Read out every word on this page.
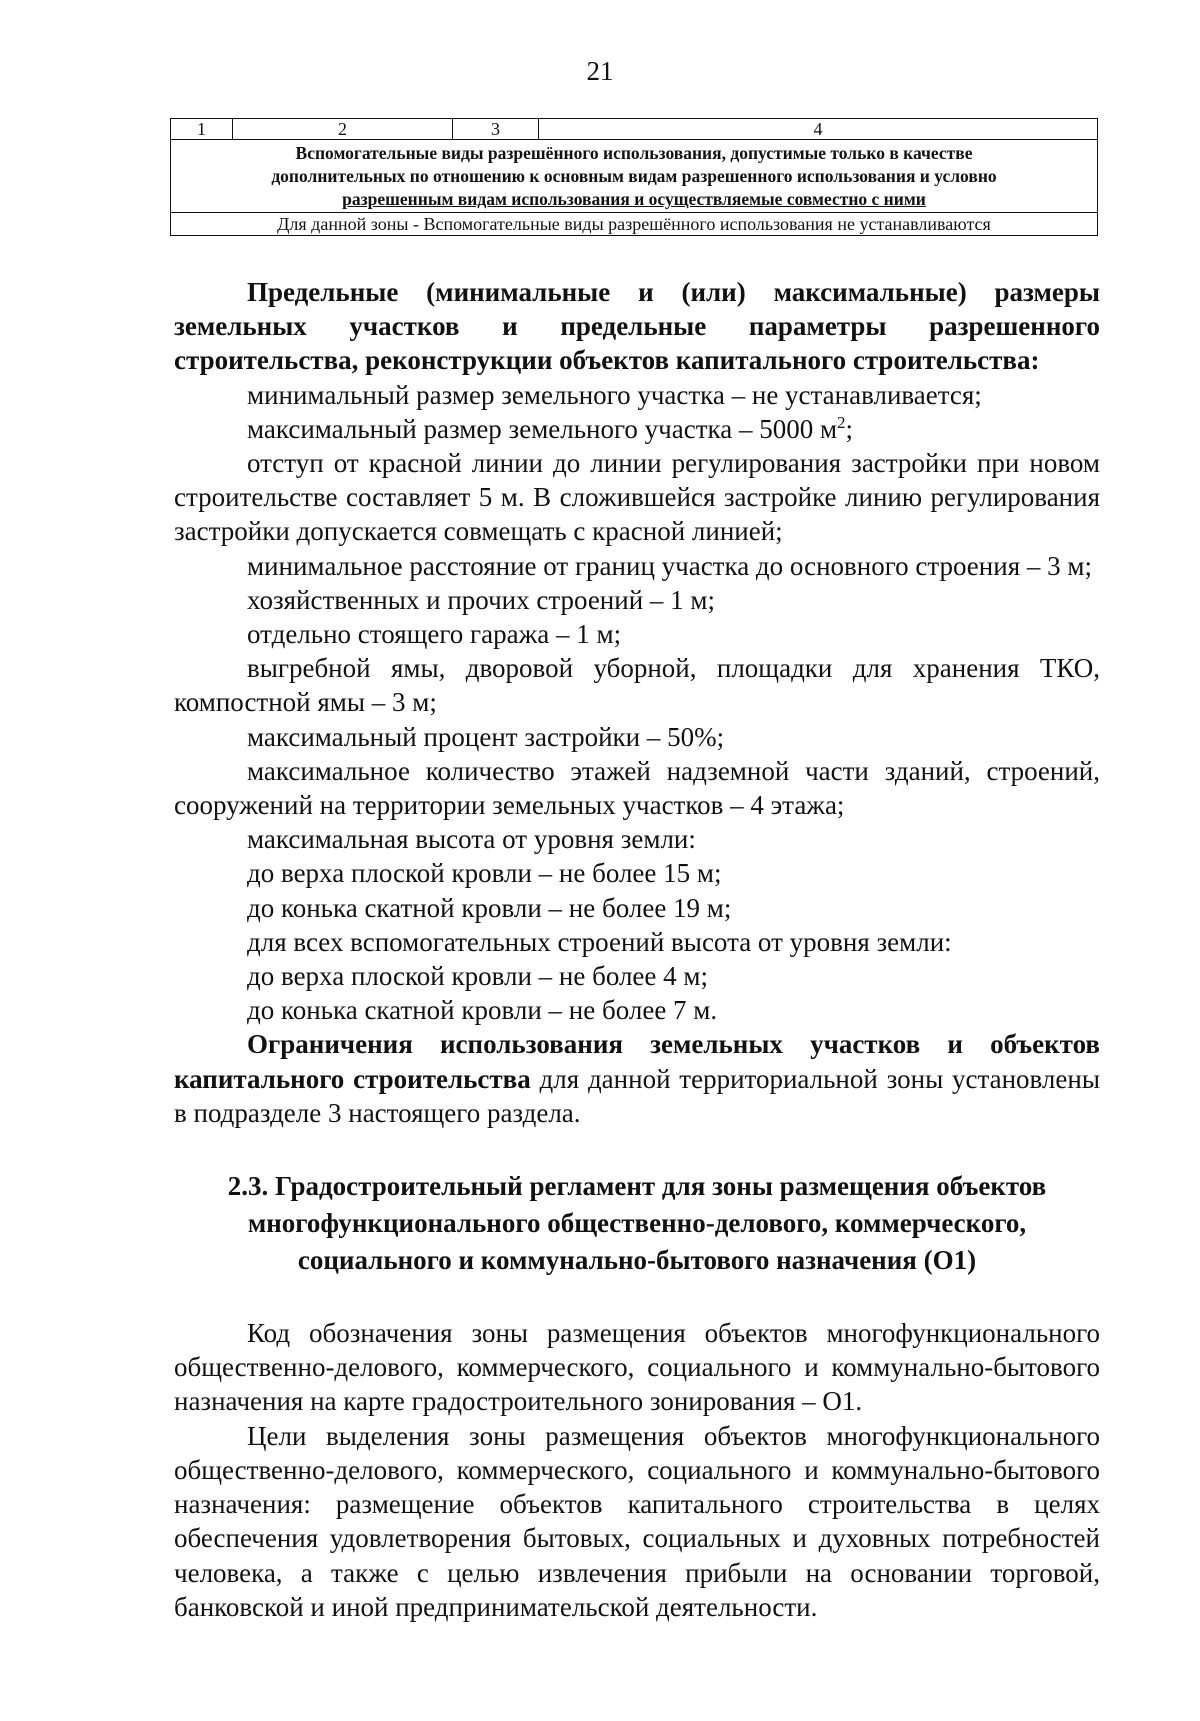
21
1	2	3	4

Вспомогательные виды разрешённого использования, допустимые только в качестве
дополнительных по отношению к основным видам разрешенного использования и условно
разрешенным видам использования и осуществляемые совместно с ними

Для данной зоны - Вспомогательные виды разрешённого использования не устанавливаются

Предельные (минимальные и (или) максимальные) размеры земельных участков и предельные параметры разрешенного строительства, реконструкции объектов капитального строительства:

минимальный размер земельного участка – не устанавливается;

максимальный размер земельного участка – 5000 $м^2$;

отступ от красной линии до линии регулирования застройки при новом строительстве составляет 5 м. В сложившейся застройке линию регулирования застройки допускается совмещать с красной линией;

минимальное расстояние от границ участка до основного строения – 3 м;

хозяйственных и прочих строений – 1 м;

отдельно стоящего гаража – 1 м;

выгребной ямы, дворовой уборной, площадки для хранения ТКО, компостной ямы – 3 м;

максимальный процент застройки – 50%;

максимальное количество этажей надземной части зданий, строений, сооружений на территории земельных участков – 4 этажа;

максимальная высота от уровня земли:

до верха плоской кровли – не более 15 м;

до конька скатной кровли – не более 19 м;

для всех вспомогательных строений высота от уровня земли:

до верха плоской кровли – не более 4 м;

до конька скатной кровли – не более 7 м.

Ограничения использования земельных участков и объектов капитального строительства для данной территориальной зоны установлены в подразделе 3 настоящего раздела.

2.3. Градостроительный регламент для зоны размещения объектов
многофункционального общественно-делового, коммерческого,
социального и коммунально-бытового назначения (О1)

Код обозначения зоны размещения объектов многофункционального общественно-делового, коммерческого, социального и коммунально-бытового назначения на карте градостроительного зонирования – О1.

Цели выделения зоны размещения объектов многофункционального общественно-делового, коммерческого, социального и коммунально-бытового назначения: размещение объектов капитального строительства в целях обеспечения удовлетворения бытовых, социальных и духовных потребностей человека, а также с целью извлечения прибыли на основании торговой, банковской и иной предпринимательской деятельности.
